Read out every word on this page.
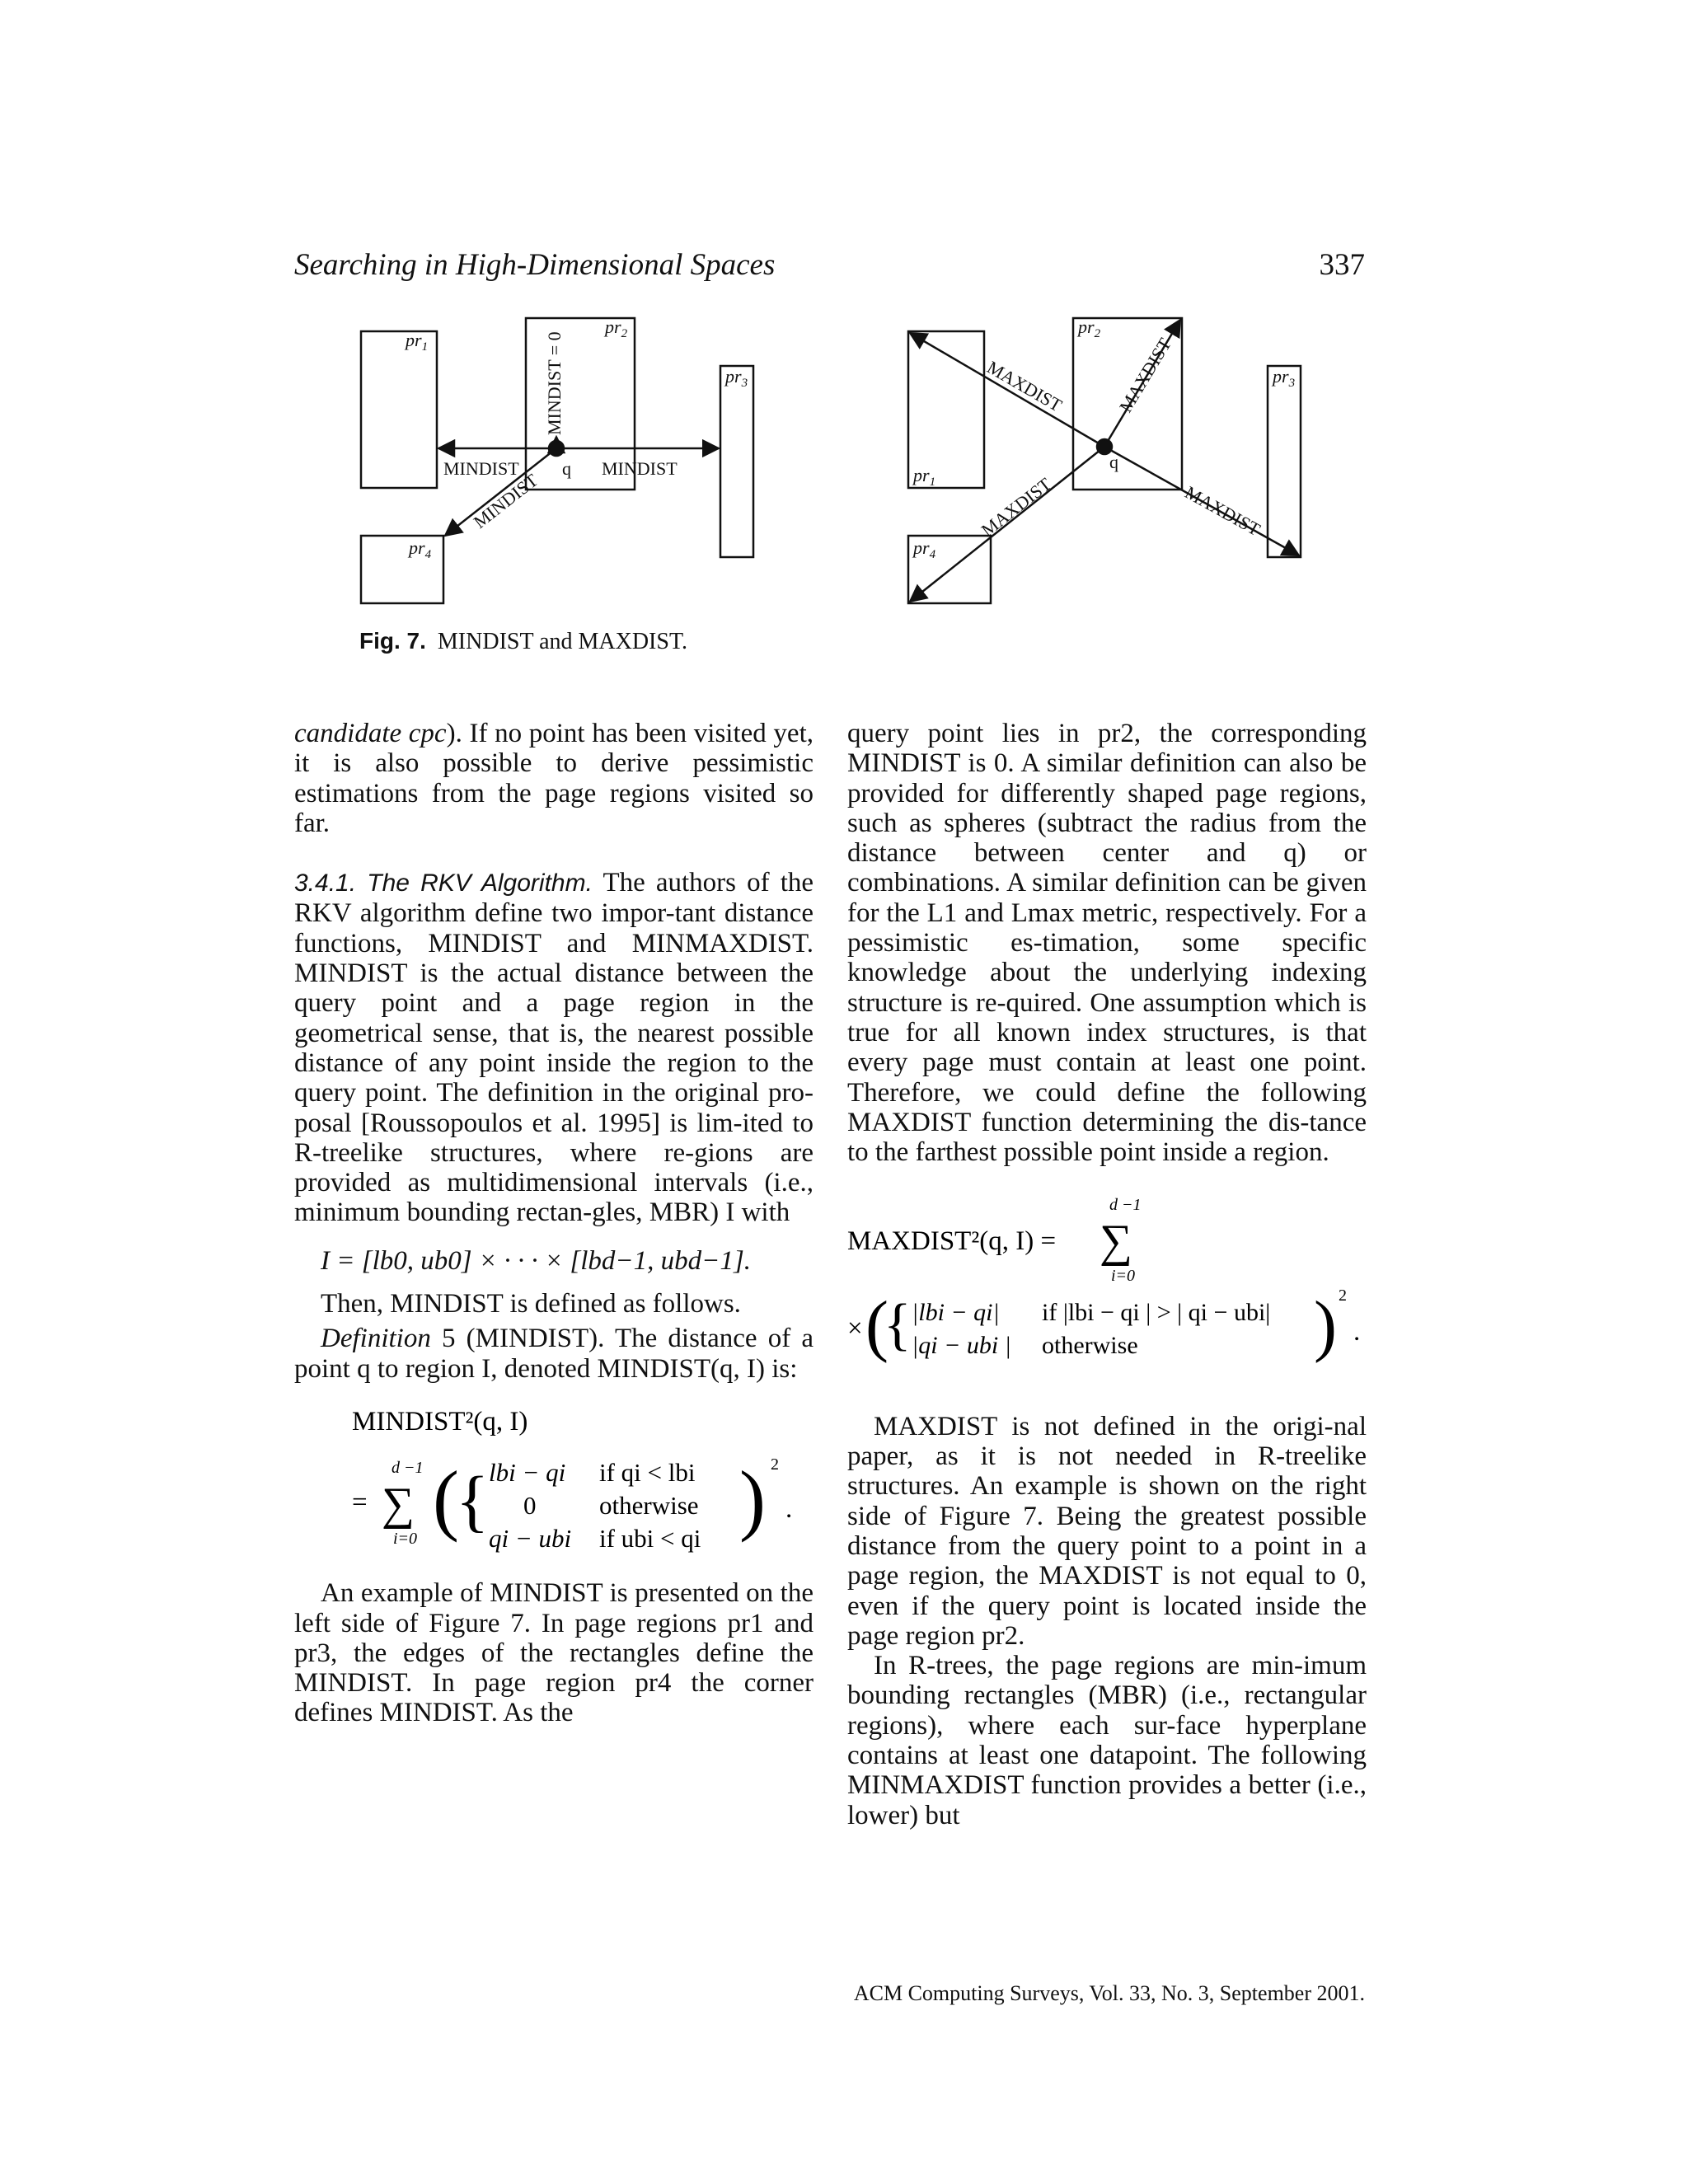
Searching in High-Dimensional Spaces	337
$pr_1$
$pr_2$
$pr_3$
$pr_4$
MINDIST	MINDIST
q
MINDIST = 0
MINDIST	$pr_1$
$pr_2$
$pr_3$
$pr_4$
q
MAXDIST	MAXDIST
MAXDIST
MAXDIST
Fig. 7. MINDIST and MAXDIST.

candidate cpc). If no point has been visited yet, it is also possible to derive pessimistic estimations from the page regions visited so far.

3.4.1. The RKV Algorithm. The authors of the RKV algorithm define two impor-tant distance functions, MINDIST and MINMAXDIST. MINDIST is the actual distance between the query point and a page region in the geometrical sense, that is, the nearest possible distance of any point inside the region to the query point. The definition in the original pro-posal [Roussopoulos et al. 1995] is lim-ited to R-treelike structures, where re-gions are provided as multidimensional intervals (i.e., minimum bounding rectan-gles, MBR) I with

I = [lb0, ub0] × · · · × [lbd−1, ubd−1].

Then, MINDIST is defined as follows.

Definition 5 (MINDIST). The distance of a point q to region I, denoted MINDIST(q, I) is:

MINDIST²(q, I)
=
d −1
∑
i=0 (
{ lbi − qi if qi < lbi
0 otherwise
qi − ubi if ubi < qi ) 2
.

An example of MINDIST is presented on the left side of Figure 7. In page regions pr1 and pr3, the edges of the rectangles define the MINDIST. In page region pr4 the corner defines MINDIST. As the

query point lies in pr2, the corresponding MINDIST is 0. A similar definition can also be provided for differently shaped page regions, such as spheres (subtract the radius from the distance between center and q) or combinations. A similar definition can be given for the L1 and Lmax metric, respectively. For a pessimistic es-timation, some specific knowledge about the underlying indexing structure is re-quired. One assumption which is true for all known index structures, is that every page must contain at least one point. Therefore, we could define the following MAXDIST function determining the dis-tance to the farthest possible point inside a region.

MAXDIST²(q, I) =
d −1
∑
i=0
× (
{ |lbi − qi| if |lbi − qi | > | qi − ubi|
|qi − ubi | otherwise	) 2
.

MAXDIST is not defined in the origi-nal paper, as it is not needed in R-treelike structures. An example is shown on the right side of Figure 7. Being the greatest possible distance from the query point to a point in a page region, the MAXDIST is not equal to 0, even if the query point is located inside the page region pr2.

In R-trees, the page regions are min-imum bounding rectangles (MBR) (i.e., rectangular regions), where each sur-face hyperplane contains at least one datapoint. The following MINMAXDIST function provides a better (i.e., lower) but

ACM Computing Surveys, Vol. 33, No. 3, September 2001.
